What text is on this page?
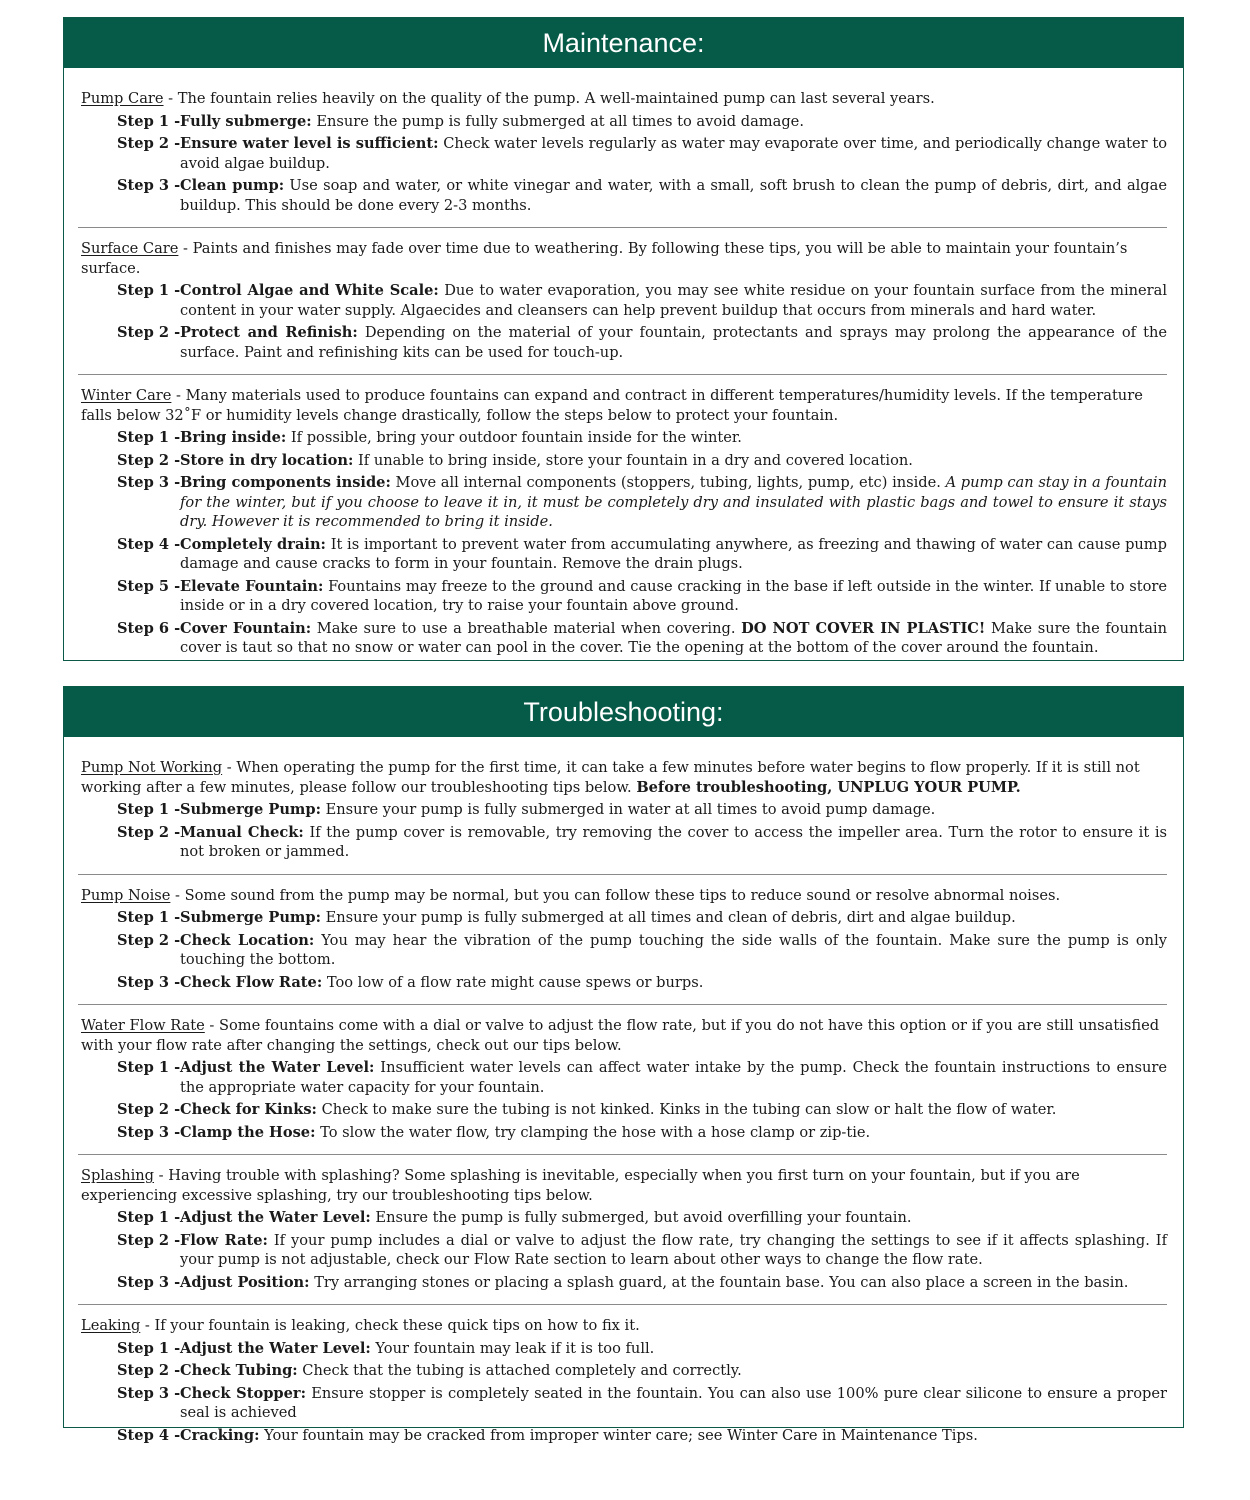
Maintenance:
Pump Care - The fountain relies heavily on the quality of the pump. A well-maintained pump can last several years.
Step 1 - Fully submerge: Ensure the pump is fully submerged at all times to avoid damage.
Step 2 - Ensure water level is sufficient: Check water levels regularly as water may evaporate over time, and periodically change water to avoid algae buildup.
Step 3 - Clean pump: Use soap and water, or white vinegar and water, with a small, soft brush to clean the pump of debris, dirt, and algae buildup. This should be done every 2-3 months.
Surface Care - Paints and finishes may fade over time due to weathering. By following these tips, you will be able to maintain your fountain’s surface.
Step 1 - Control Algae and White Scale: Due to water evaporation, you may see white residue on your fountain surface from the mineral content in your water supply. Algaecides and cleansers can help prevent buildup that occurs from minerals and hard water.
Step 2 - Protect and Refinish: Depending on the material of your fountain, protectants and sprays may prolong the appearance of the surface. Paint and refinishing kits can be used for touch-up.
Winter Care - Many materials used to produce fountains can expand and contract in different temperatures/humidity levels. If the temperature falls below 32˚F or humidity levels change drastically, follow the steps below to protect your fountain.
Step 1 - Bring inside: If possible, bring your outdoor fountain inside for the winter.
Step 2 - Store in dry location: If unable to bring inside, store your fountain in a dry and covered location.
Step 3 - Bring components inside: Move all internal components (stoppers, tubing, lights, pump, etc) inside. A pump can stay in a fountain for the winter, but if you choose to leave it in, it must be completely dry and insulated with plastic bags and towel to ensure it stays dry. However it is recommended to bring it inside.
Step 4 - Completely drain: It is important to prevent water from accumulating anywhere, as freezing and thawing of water can cause pump damage and cause cracks to form in your fountain. Remove the drain plugs.
Step 5 - Elevate Fountain: Fountains may freeze to the ground and cause cracking in the base if left outside in the winter. If unable to store inside or in a dry covered location, try to raise your fountain above ground.
Step 6 - Cover Fountain: Make sure to use a breathable material when covering. DO NOT COVER IN PLASTIC! Make sure the fountain cover is taut so that no snow or water can pool in the cover. Tie the opening at the bottom of the cover around the fountain.
Troubleshooting:
Pump Not Working - When operating the pump for the first time, it can take a few minutes before water begins to flow properly. If it is still not working after a few minutes, please follow our troubleshooting tips below. Before troubleshooting, UNPLUG YOUR PUMP.
Step 1 - Submerge Pump: Ensure your pump is fully submerged in water at all times to avoid pump damage.
Step 2 - Manual Check: If the pump cover is removable, try removing the cover to access the impeller area. Turn the rotor to ensure it is not broken or jammed.
Pump Noise - Some sound from the pump may be normal, but you can follow these tips to reduce sound or resolve abnormal noises.
Step 1 - Submerge Pump: Ensure your pump is fully submerged at all times and clean of debris, dirt and algae buildup.
Step 2 - Check Location: You may hear the vibration of the pump touching the side walls of the fountain. Make sure the pump is only touching the bottom.
Step 3 - Check Flow Rate: Too low of a flow rate might cause spews or burps.
Water Flow Rate - Some fountains come with a dial or valve to adjust the flow rate, but if you do not have this option or if you are still unsatisfied with your flow rate after changing the settings, check out our tips below.
Step 1 - Adjust the Water Level: Insufficient water levels can affect water intake by the pump. Check the fountain instructions to ensure the appropriate water capacity for your fountain.
Step 2 - Check for Kinks: Check to make sure the tubing is not kinked. Kinks in the tubing can slow or halt the flow of water.
Step 3 - Clamp the Hose: To slow the water flow, try clamping the hose with a hose clamp or zip-tie.
Splashing - Having trouble with splashing? Some splashing is inevitable, especially when you first turn on your fountain, but if you are experiencing excessive splashing, try our troubleshooting tips below.
Step 1 - Adjust the Water Level: Ensure the pump is fully submerged, but avoid overfilling your fountain.
Step 2 - Flow Rate: If your pump includes a dial or valve to adjust the flow rate, try changing the settings to see if it affects splashing. If your pump is not adjustable, check our Flow Rate section to learn about other ways to change the flow rate.
Step 3 - Adjust Position: Try arranging stones or placing a splash guard, at the fountain base. You can also place a screen in the basin.
Leaking - If your fountain is leaking, check these quick tips on how to fix it.
Step 1 - Adjust the Water Level: Your fountain may leak if it is too full.
Step 2 - Check Tubing: Check that the tubing is attached completely and correctly.
Step 3 - Check Stopper: Ensure stopper is completely seated in the fountain. You can also use 100% pure clear silicone to ensure a proper seal is achieved
Step 4 - Cracking: Your fountain may be cracked from improper winter care; see Winter Care in Maintenance Tips.
